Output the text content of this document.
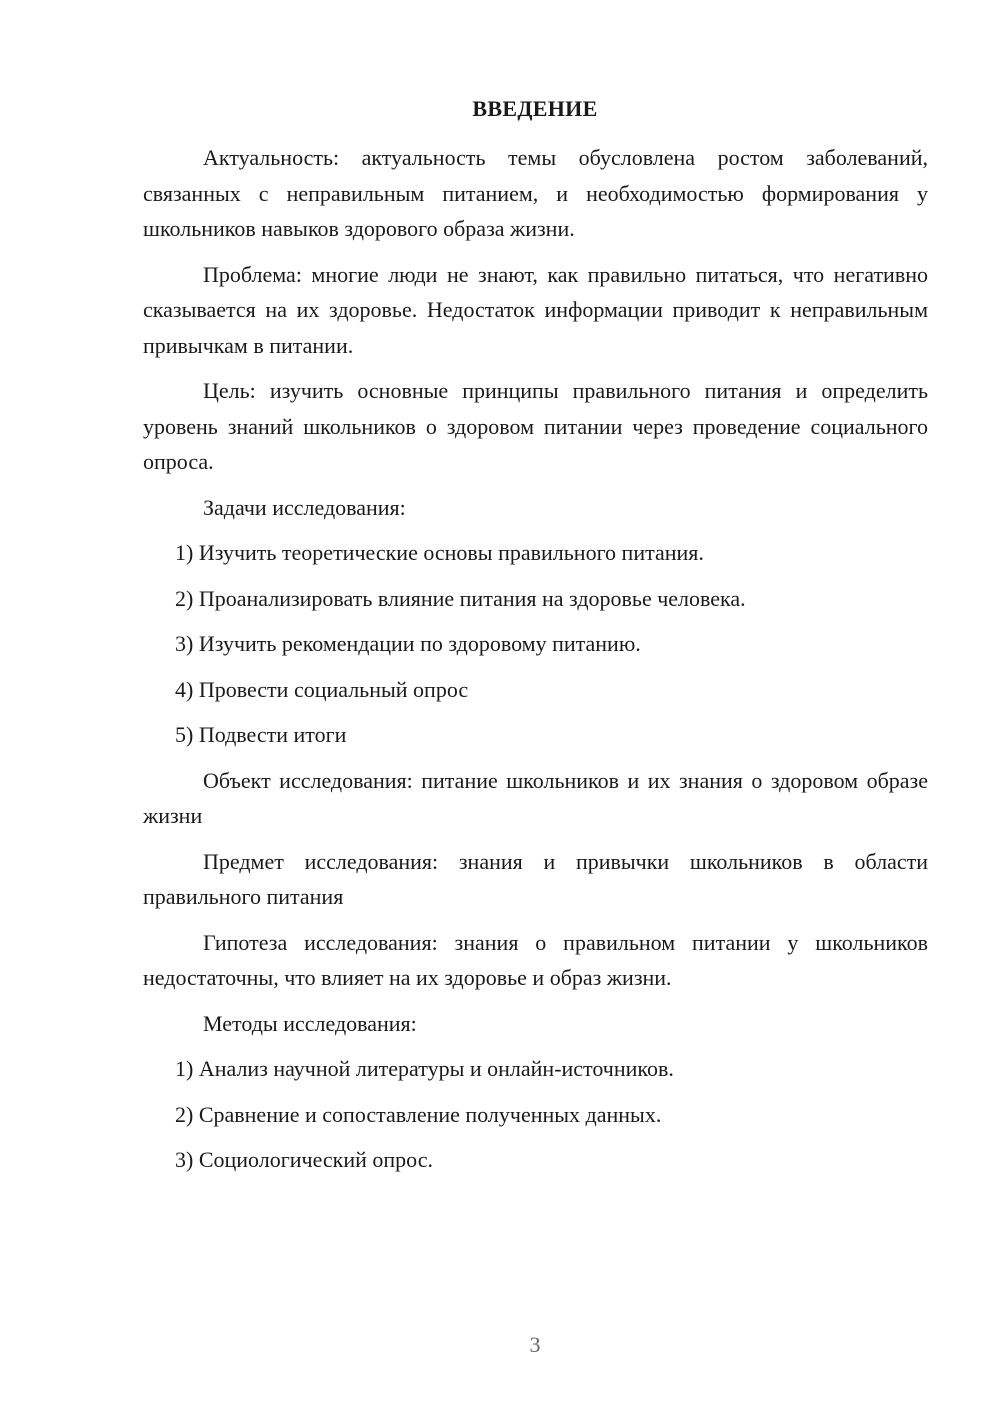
ВВЕДЕНИЕ

Актуальность: актуальность темы обусловлена ростом заболеваний, связанных с неправильным питанием, и необходимостью формирования у школьников навыков здорового образа жизни.

Проблема: многие люди не знают, как правильно питаться, что негативно сказывается на их здоровье. Недостаток информации приводит к неправильным привычкам в питании.

Цель: изучить основные принципы правильного питания и определить уровень знаний школьников о здоровом питании через проведение социального опроса.

Задачи исследования:

1) Изучить теоретические основы правильного питания.
2) Проанализировать влияние питания на здоровье человека.
3) Изучить рекомендации по здоровому питанию.
4) Провести социальный опрос
5) Подвести итоги

Объект исследования: питание школьников и их знания о здоровом образе жизни

Предмет исследования: знания и привычки школьников в области правильного питания

Гипотеза исследования: знания о правильном питании у школьников недостаточны, что влияет на их здоровье и образ жизни.

Методы исследования:

1) Анализ научной литературы и онлайн-источников.
2) Сравнение и сопоставление полученных данных.
3) Социологический опрос.
3
